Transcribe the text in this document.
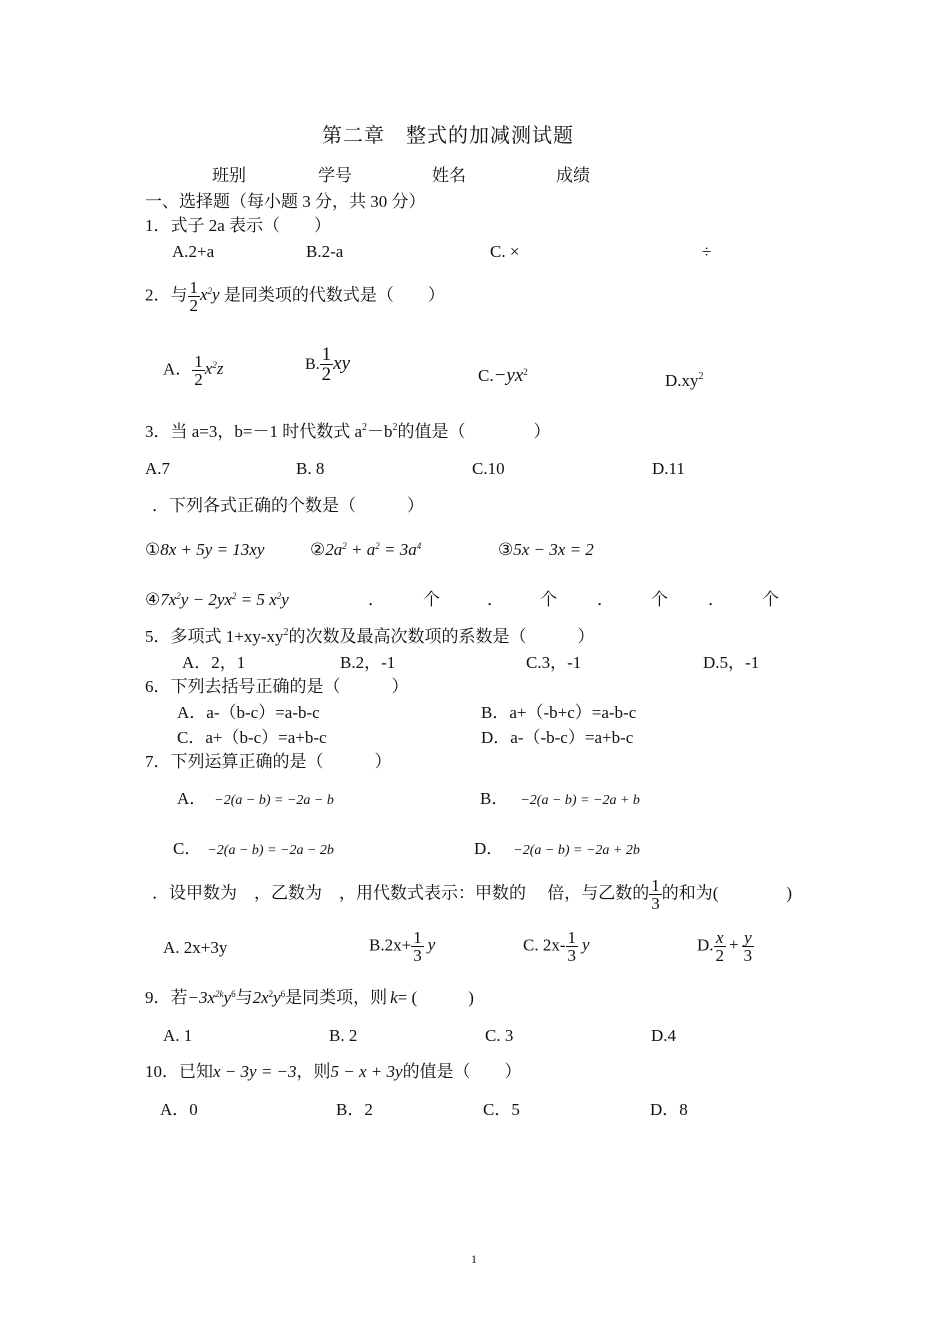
第二章　整式的加减测试题
班别	学号	姓名	成绩
一、选择题（每小题 3 分，共 30 分）
1．式子 2a 表示（　　）
A.2+a	B.2-a	C. ×	÷
2．与 $\frac{1}{2} x^2y$ 是同类项的代数式是（　　）
A． $\frac{1}{2} x^2z$	B. $\frac{1}{2}$ xy
$C.-yx^2$	$D.xy^2$
3．当 a=3，b=－1 时代数式 $a^2-b^2$的值是（　　　　）
A.7	B. 8	C.10	D.11
．下列各式正确的个数是（　　　）
①8x + 5y = 13xy	$②2a^2 + a^2 = 3a^4$	③5x − 3x = 2
$④7x^2y - 2yx^2 = 5$ $x^2y$	． 个	． 个 ． 个 ． 个
5．多项式 $1+xy-xy^2$的次数及最高次数项的系数是（　　　）
A．2，1	B.2，-1	C.3，-1	D.5，-1
6．下列去括号正确的是（　　　）
A．a-（b-c）=a-b-c	B．a+（-b+c）=a-b-c
C．a+（b-c）=a+b-c	D．a-（-b-c）=a+b-c
7．下列运算正确的是（　　　）
A． −2(a − b) = −2a − b	B． −2(a − b) = −2a + b
C． −2(a − b) = −2a − 2b	D． −2(a − b) = −2a + 2b
．设甲数为　，乙数为　，用代数式表示：甲数的　 倍，与乙数的 $\frac{1}{3}$ 的和为(　　　　)
A. 2x+3y	$B.2x+ \frac{1}{3}$ y	C. $2x- \frac{1}{3}$ y	D. $\frac{x}{2} + \frac{y}{3}$
9．若$-3x^{2k}y^6$与$2x^2y^6$是同类项，则 k= (　　　)
A. 1	B. 2	C. 3	D.4
10．已知x − 3y = −3，则5 − x + 3y的值是（　　）
A．0	B．2	C．5	D．8
1
